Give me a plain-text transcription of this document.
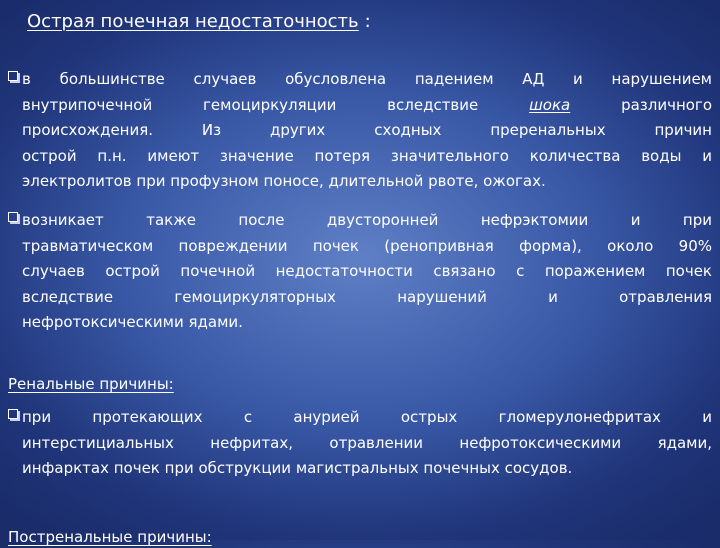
Острая почечная недостаточность :
в большинстве случаев обусловлена падением АД и нарушением
внутрипочечной гемоциркуляции вследствие	шока	различного
происхождения. Из других сходных преренальных причин
острой п.н. имеют значение потеря значительного количества воды и
электролитов при профузном поносе, длительной рвоте, ожогах.
возникает также после двусторонней нефрэктомии и при
травматическом повреждении почек (ренопривная форма), около 90%
случаев острой почечной недостаточности связано с поражением почек
вследствие гемоциркуляторных нарушений и отравления
нефротоксическими ядами.
Ренальные причины:
при протекающих с анурией острых гломерулонефритах и
интерстициальных нефритах, отравлении нефротоксическими ядами,
инфарктах почек при обструкции магистральных почечных сосудов.
Постренальные причины:
